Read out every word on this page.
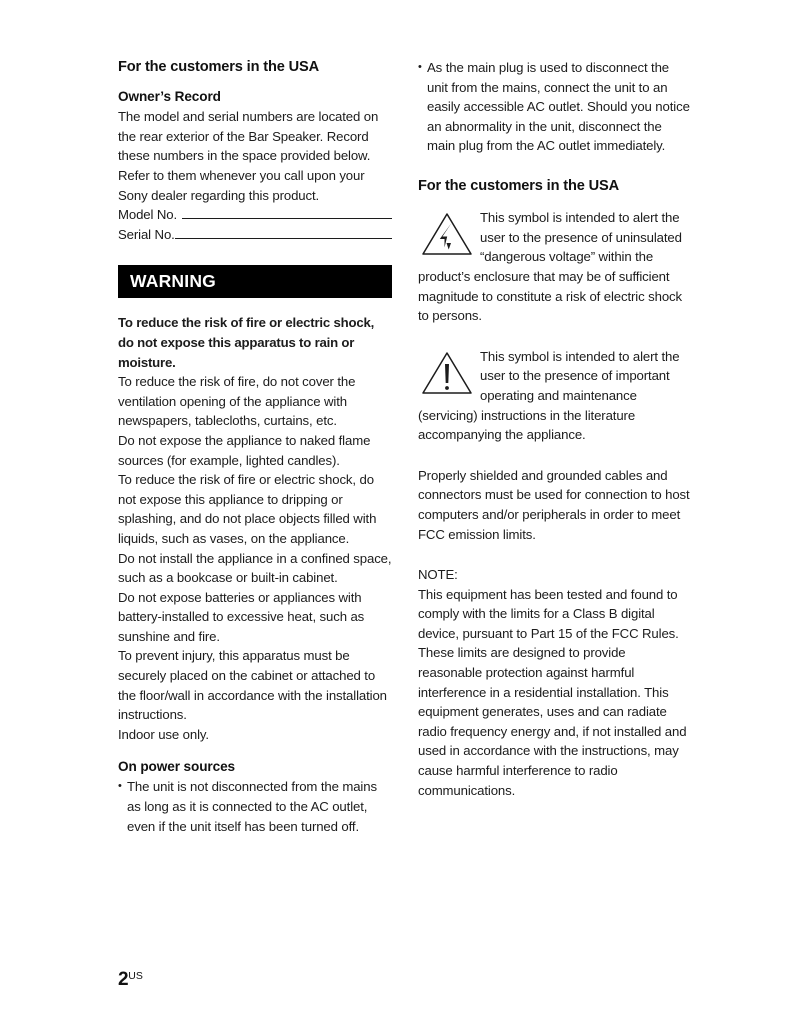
For the customers in the USA
Owner’s Record

The model and serial numbers are located on the rear exterior of the Bar Speaker. Record these numbers in the space provided below. Refer to them whenever you call upon your Sony dealer regarding this product.

Model No.
Serial No.
WARNING

To reduce the risk of fire or electric shock, do not expose this apparatus to rain or moisture.

To reduce the risk of fire, do not cover the ventilation opening of the appliance with newspapers, tablecloths, curtains, etc.

Do not expose the appliance to naked flame sources (for example, lighted candles).

To reduce the risk of fire or electric shock, do not expose this appliance to dripping or splashing, and do not place objects filled with liquids, such as vases, on the appliance.

Do not install the appliance in a confined space, such as a bookcase or built-in cabinet.

Do not expose batteries or appliances with battery-installed to excessive heat, such as sunshine and fire.

To prevent injury, this apparatus must be securely placed on the cabinet or attached to the floor/wall in accordance with the installation instructions.

Indoor use only.

On power sources
• The unit is not disconnected from the mains as long as it is connected to the AC outlet, even if the unit itself has been turned off.
• As the main plug is used to disconnect the unit from the mains, connect the unit to an easily accessible AC outlet. Should you notice an abnormality in the unit, disconnect the main plug from the AC outlet immediately.
For the customers in the USA
This symbol is intended to alert the user to the presence of uninsulated “dangerous voltage” within the product’s enclosure that may be of sufficient magnitude to constitute a risk of electric shock to persons.
This symbol is intended to alert the user to the presence of important operating and maintenance (servicing) instructions in the literature accompanying the appliance.

Properly shielded and grounded cables and connectors must be used for connection to host computers and/or peripherals in order to meet FCC emission limits.

NOTE:

This equipment has been tested and found to comply with the limits for a Class B digital device, pursuant to Part 15 of the FCC Rules. These limits are designed to provide reasonable protection against harmful interference in a residential installation. This equipment generates, uses and can radiate radio frequency energy and, if not installed and used in accordance with the instructions, may cause harmful interference to radio communications.

$2^{US}$
